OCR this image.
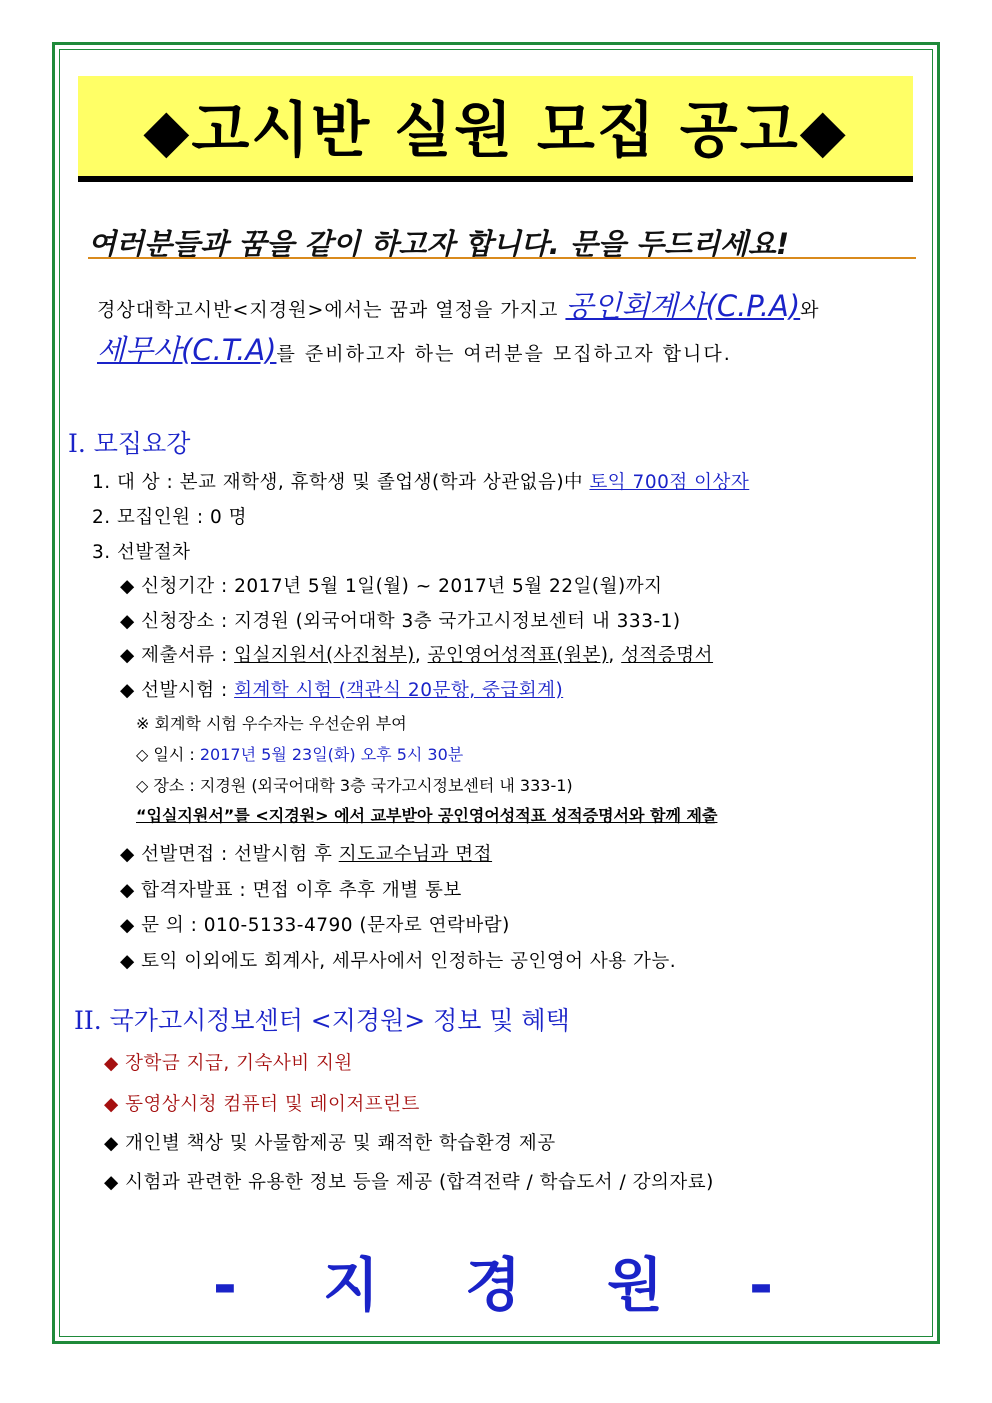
◆고시반 실원 모집 공고◆
여러분들과 꿈을 같이 하고자 합니다. 문을 두드리세요!
경상대학고시반<지경원>에서는 꿈과 열정을 가지고 공인회계사(C.P.A)와
세무사(C.T.A)를 준비하고자 하는 여러분을 모집하고자 합니다.
I. 모집요강
1. 대 상 : 본교 재학생, 휴학생 및 졸업생(학과 상관없음)中 토익 700점 이상자
2. 모집인원 : 0 명
3. 선발절차
◆ 신청기간 : 2017년 5월 1일(월) ~ 2017년 5월 22일(월)까지
◆ 신청장소 : 지경원 (외국어대학 3층 국가고시정보센터 내 333-1)
◆ 제출서류 : 입실지원서(사진첨부), 공인영어성적표(원본), 성적증명서
◆ 선발시험 : 회계학 시험 (객관식 20문항, 중급회계)
※ 회계학 시험 우수자는 우선순위 부여
◇ 일시 : 2017년 5월 23일(화) 오후 5시 30분
◇ 장소 : 지경원 (외국어대학 3층 국가고시정보센터 내 333-1)
“입실지원서”를 <지경원> 에서 교부받아 공인영어성적표 성적증명서와 함께 제출
◆ 선발면접 : 선발시험 후 지도교수님과 면접
◆ 합격자발표 : 면접 이후 추후 개별 통보
◆ 문 의 : 010-5133-4790 (문자로 연락바람)
◆ 토익 이외에도 회계사, 세무사에서 인정하는 공인영어 사용 가능.
II. 국가고시정보센터 <지경원> 정보 및 혜택
◆ 장학금 지급, 기숙사비 지원
◆ 동영상시청 컴퓨터 및 레이저프린트
◆ 개인별 책상 및 사물함제공 및 쾌적한 학습환경 제공
◆ 시험과 관련한 유용한 정보 등을 제공 (합격전략 / 학습도서 / 강의자료)
- 지 경 원 -
